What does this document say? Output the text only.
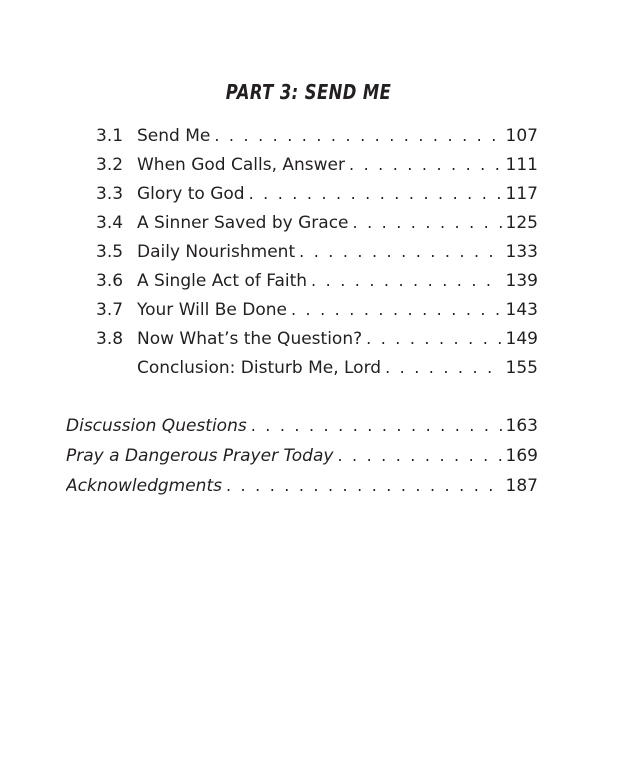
PART 3: SEND ME
3.1 Send Me . . .	107
3.2 When God Calls, Answer . . .	111
3.3 Glory to God . . .	117
3.4 A Sinner Saved by Grace . . .	125
3.5 Daily Nourishment . . .	133
3.6 A Single Act of Faith . . .	139
3.7 Your Will Be Done . . .	143
3.8 Now What’s the Question? . . .	149
Conclusion: Disturb Me, Lord . . .	155
Discussion Questions . . .	163
Pray a Dangerous Prayer Today . . .	169
Acknowledgments . . .	187
